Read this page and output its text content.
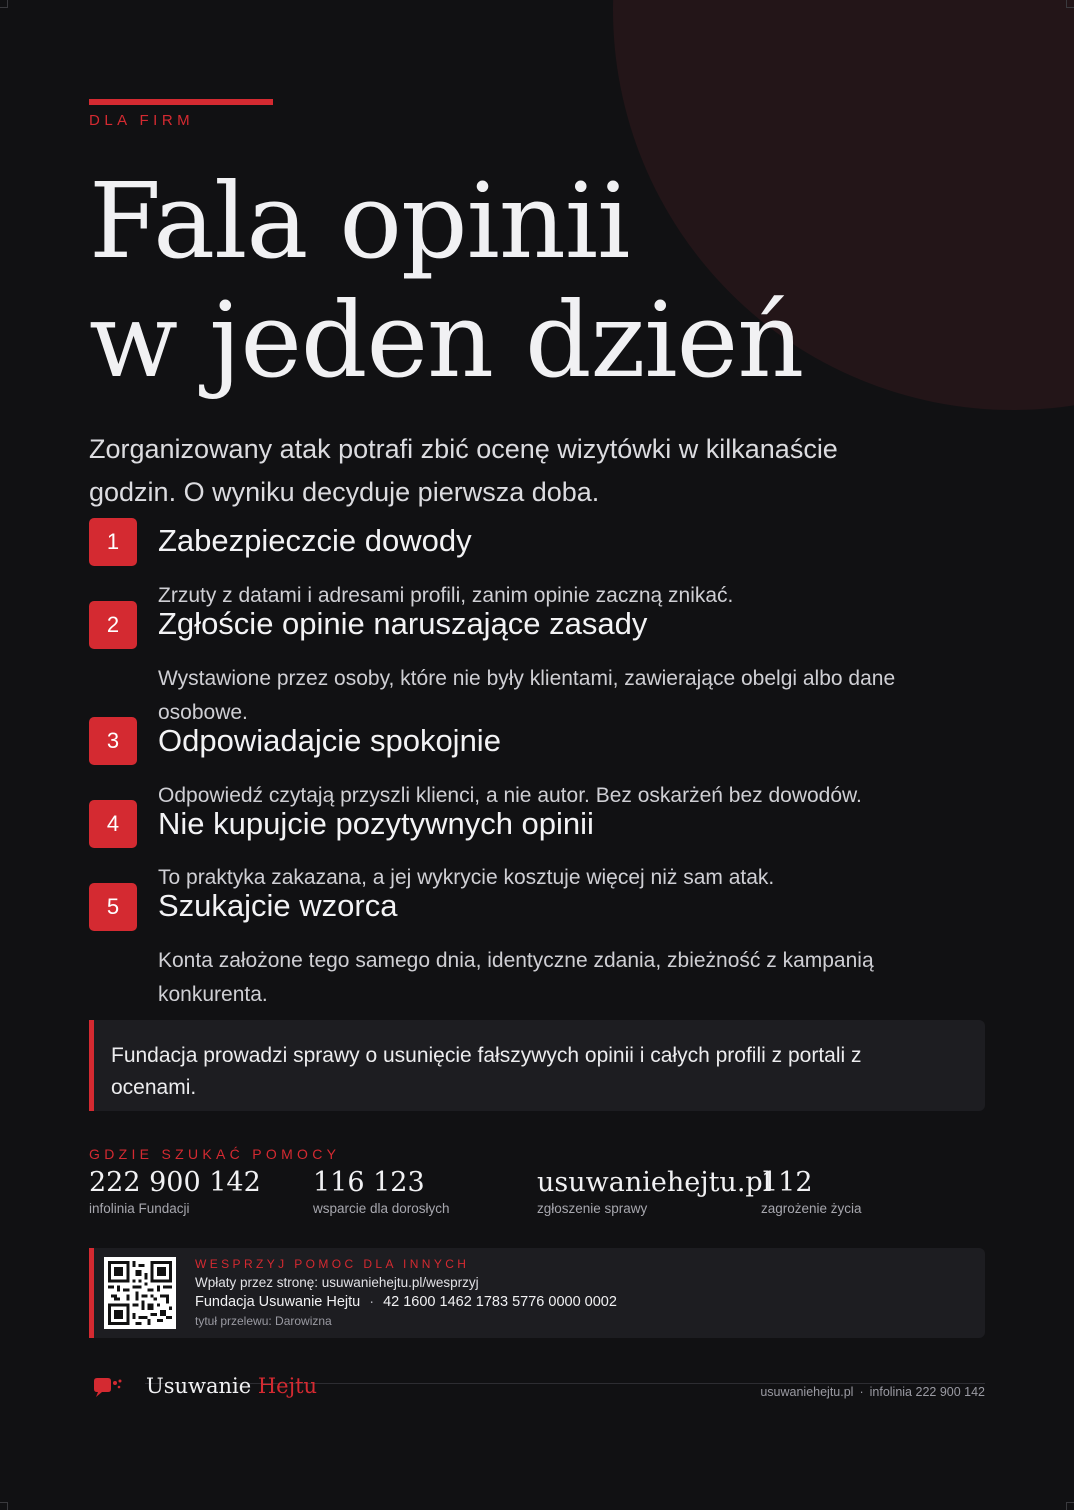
DLA FIRM
Fala opinii
w jeden dzień

Zorganizowany atak potrafi zbić ocenę wizytówki w kilkanaście godzin. O wyniku decyduje pierwsza doba.

1	Zabezpieczcie dowody
Zrzuty z datami i adresami profili, zanim opinie zaczną znikać.
2	Zgłoście opinie naruszające zasady
Wystawione przez osoby, które nie były klientami, zawierające obelgi albo dane osobowe.
3	Odpowiadajcie spokojnie
Odpowiedź czytają przyszli klienci, a nie autor. Bez oskarżeń bez dowodów.
4	Nie kupujcie pozytywnych opinii
To praktyka zakazana, a jej wykrycie kosztuje więcej niż sam atak.
5	Szukajcie wzorca
Konta założone tego samego dnia, identyczne zdania, zbieżność z kampanią konkurenta.
Fundacja prowadzi sprawy o usunięcie fałszywych opinii i całych profili z portali z ocenami.
GDZIE SZUKAĆ POMOCY
222 900 142
infolinia Fundacji
116 123
wsparcie dla dorosłych
usuwaniehejtu.pl
zgłoszenie sprawy
112
zagrożenie życia
WESPRZYJ POMOC DLA INNYCH
Wpłaty przez stronę: usuwaniehejtu.pl/wesprzyj
Fundacja Usuwanie Hejtu · 42 1600 1462 1783 5776 0000 0002
tytuł przelewu: Darowizna
Usuwanie Hejtu	usuwaniehejtu.pl · infolinia 222 900 142
